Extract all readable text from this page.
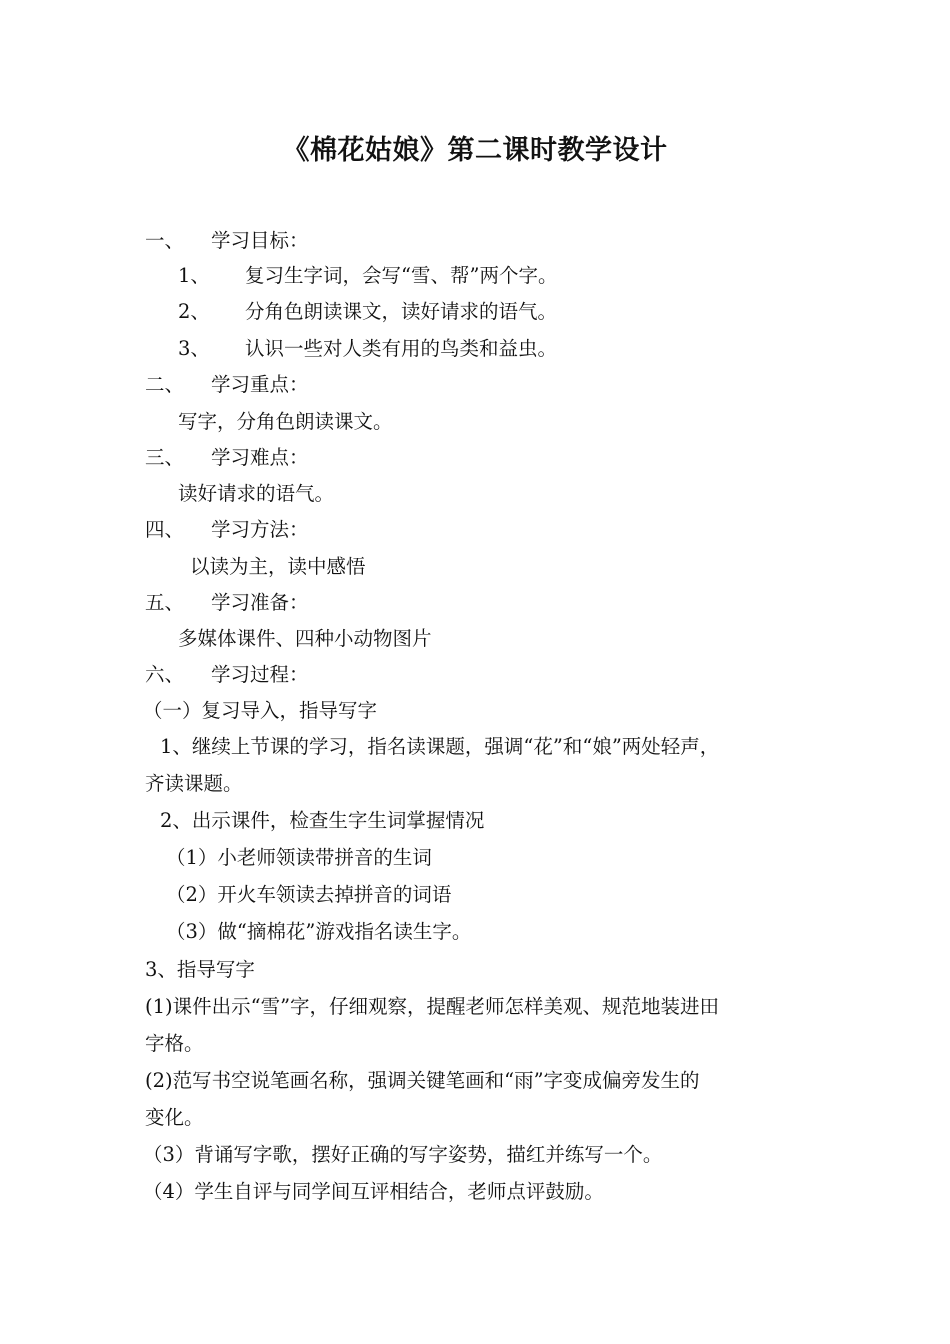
《棉花姑娘》第二课时教学设计
一、 学习目标：
1、 复习生字词，会写“雪、帮”两个字。
2、 分角色朗读课文，读好请求的语气。
3、 认识一些对人类有用的鸟类和益虫。
二、 学习重点：
写字，分角色朗读课文。
三、 学习难点：
读好请求的语气。
四、 学习方法：
以读为主，读中感悟
五、 学习准备：
多媒体课件、四种小动物图片
六、 学习过程：
（一）复习导入，指导写字
1、继续上节课的学习，指名读课题，强调“花”和“娘”两处轻声，
齐读课题。
2、出示课件，检查生字生词掌握情况
（1）小老师领读带拼音的生词
（2）开火车领读去掉拼音的词语
（3）做“摘棉花”游戏指名读生字。
3、指导写字
(1)课件出示“雪”字，仔细观察，提醒老师怎样美观、规范地装进田
字格。
(2)范写书空说笔画名称，强调关键笔画和“雨”字变成偏旁发生的
变化。
（3）背诵写字歌，摆好正确的写字姿势，描红并练写一个。
（4）学生自评与同学间互评相结合，老师点评鼓励。
